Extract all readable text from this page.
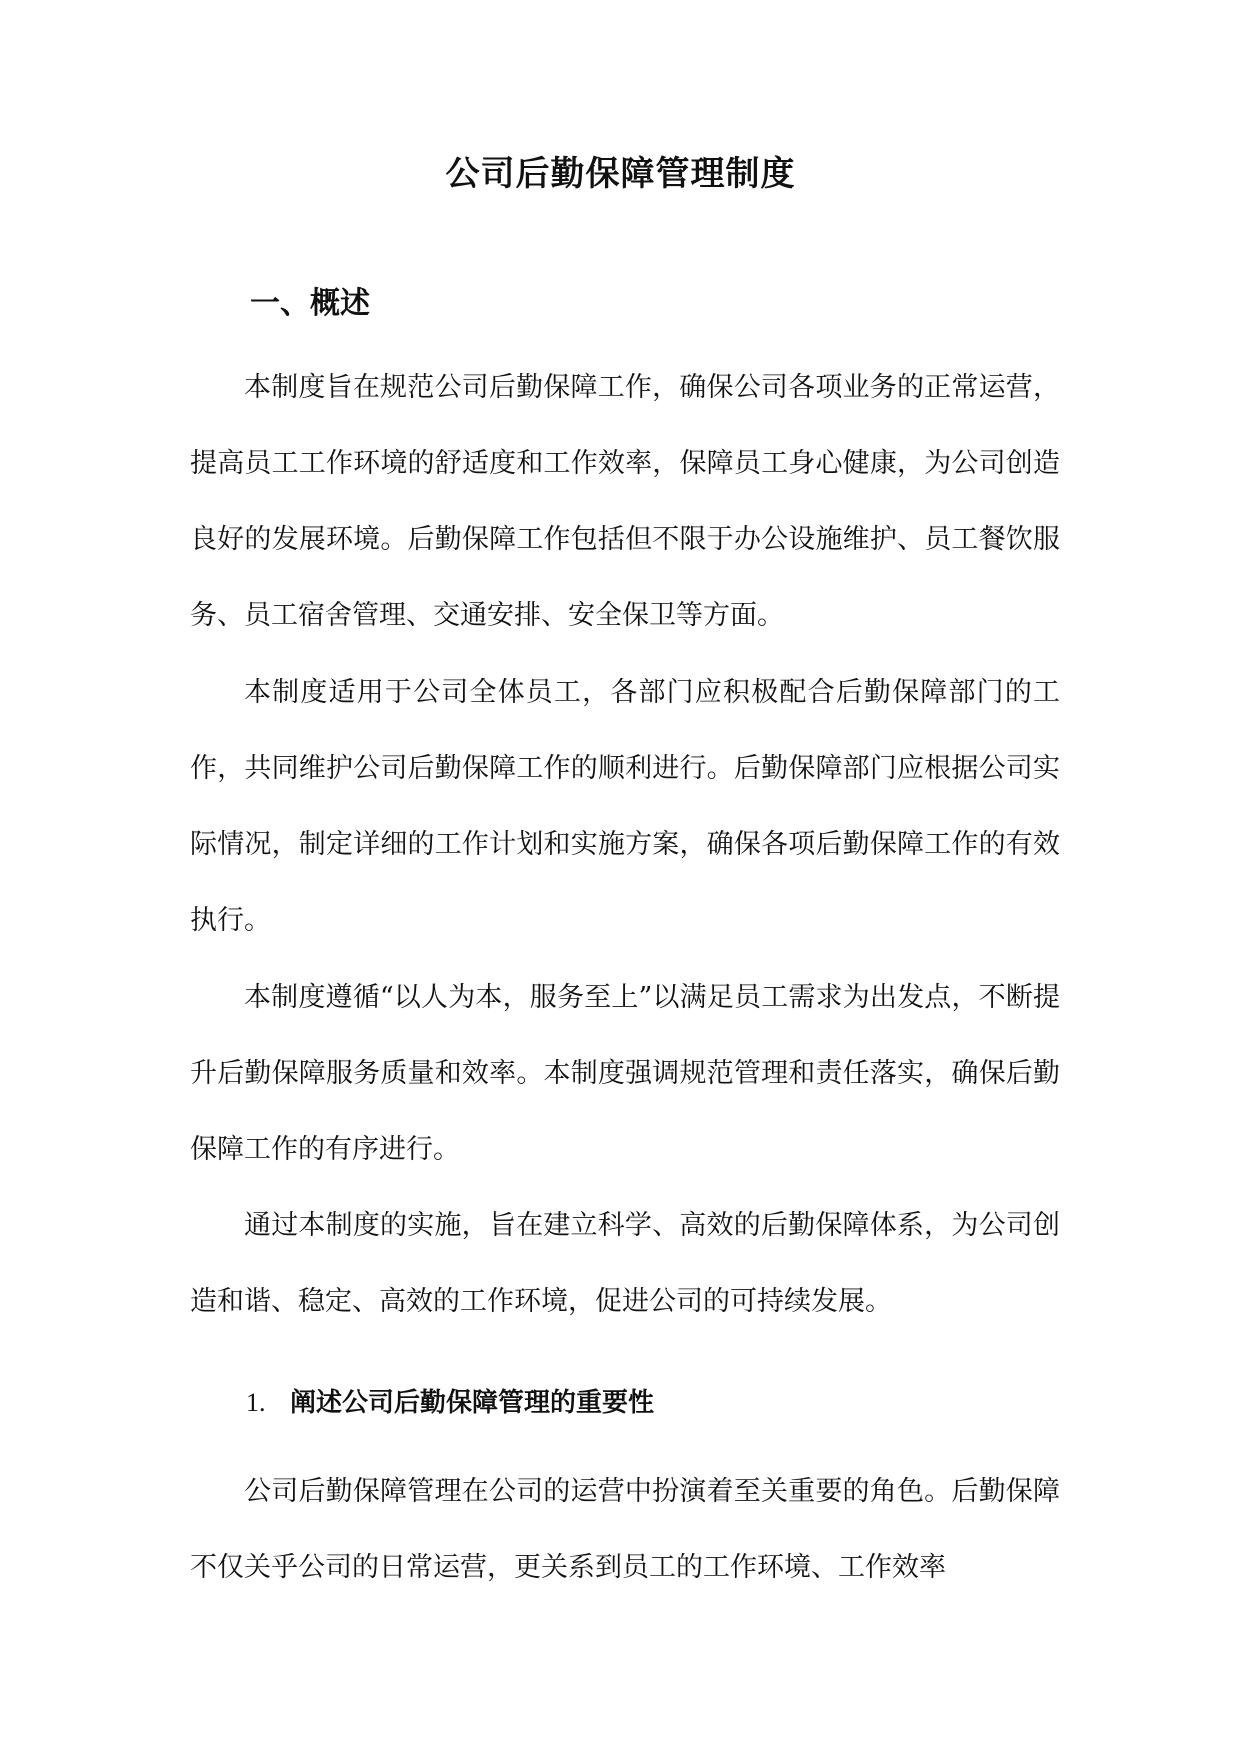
公司后勤保障管理制度
一、概述

本制度旨在规范公司后勤保障工作，确保公司各项业务的正常运营，提高员工工作环境的舒适度和工作效率，保障员工身心健康，为公司创造良好的发展环境。后勤保障工作包括但不限于办公设施维护、员工餐饮服务、员工宿舍管理、交通安排、安全保卫等方面。

本制度适用于公司全体员工，各部门应积极配合后勤保障部门的工作，共同维护公司后勤保障工作的顺利进行。后勤保障部门应根据公司实际情况，制定详细的工作计划和实施方案，确保各项后勤保障工作的有效执行。

本制度遵循“以人为本，服务至上”以满足员工需求为出发点，不断提升后勤保障服务质量和效率。本制度强调规范管理和责任落实，确保后勤保障工作的有序进行。

通过本制度的实施，旨在建立科学、高效的后勤保障体系，为公司创造和谐、稳定、高效的工作环境，促进公司的可持续发展。

1. 阐述公司后勤保障管理的重要性

公司后勤保障管理在公司的运营中扮演着至关重要的角色。后勤保障不仅关乎公司的日常运营，更关系到员工的工作环境、工作效率
